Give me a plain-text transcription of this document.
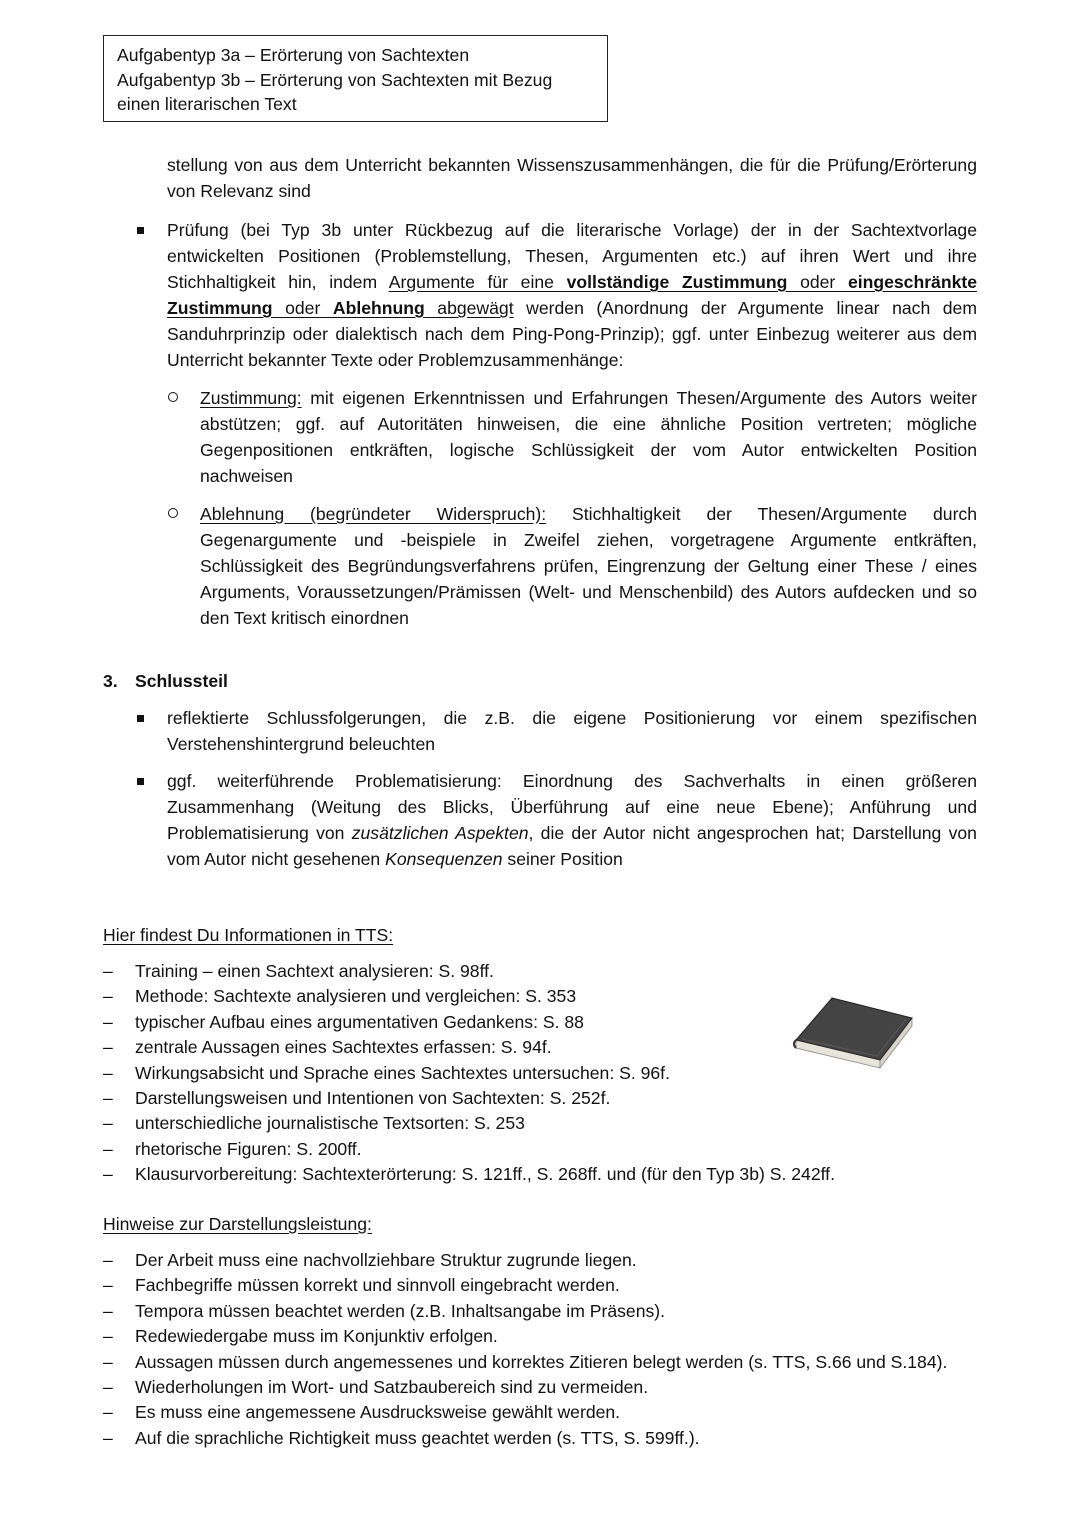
Aufgabentyp 3a – Erörterung von Sachtexten
Aufgabentyp 3b – Erörterung von Sachtexten mit Bezug
einen literarischen Text
stellung von aus dem Unterricht bekannten Wissenszusammenhängen, die für die Prüfung/Erörterung von Relevanz sind
Prüfung (bei Typ 3b unter Rückbezug auf die literarische Vorlage) der in der Sachtextvorlage entwickelten Positionen (Problemstellung, Thesen, Argumenten etc.) auf ihren Wert und ihre Stichhaltigkeit hin, indem Argumente für eine vollständige Zustimmung oder eingeschränkte Zustimmung oder Ablehnung abgewägt werden (Anordnung der Argumente linear nach dem Sanduhrprinzip oder dialektisch nach dem Ping-Pong-Prinzip); ggf. unter Einbezug weiterer aus dem Unterricht bekannter Texte oder Problemzusammenhänge:
Zustimmung: mit eigenen Erkenntnissen und Erfahrungen Thesen/Argumente des Autors weiter abstützen; ggf. auf Autoritäten hinweisen, die eine ähnliche Position vertreten; mögliche Gegenpositionen entkräften, logische Schlüssigkeit der vom Autor entwickelten Position nachweisen
Ablehnung (begründeter Widerspruch): Stichhaltigkeit der Thesen/Argumente durch Gegenargumente und -beispiele in Zweifel ziehen, vorgetragene Argumente entkräften, Schlüssigkeit des Begründungsverfahrens prüfen, Eingrenzung der Geltung einer These / eines Arguments, Voraussetzungen/Prämissen (Welt- und Menschenbild) des Autors aufdecken und so den Text kritisch einordnen
3. Schlussteil
reflektierte Schlussfolgerungen, die z.B. die eigene Positionierung vor einem spezifischen Verstehenshintergrund beleuchten
ggf. weiterführende Problematisierung: Einordnung des Sachverhalts in einen größeren Zusammenhang (Weitung des Blicks, Überführung auf eine neue Ebene); Anführung und Problematisierung von zusätzlichen Aspekten, die der Autor nicht angesprochen hat; Darstellung von vom Autor nicht gesehenen Konsequenzen seiner Position
Hier findest Du Informationen in TTS:
– Training – einen Sachtext analysieren: S. 98ff.
– Methode: Sachtexte analysieren und vergleichen: S. 353
– typischer Aufbau eines argumentativen Gedankens: S. 88
– zentrale Aussagen eines Sachtextes erfassen: S. 94f.
– Wirkungsabsicht und Sprache eines Sachtextes untersuchen: S. 96f.
– Darstellungsweisen und Intentionen von Sachtexten: S. 252f.
– unterschiedliche journalistische Textsorten: S. 253
– rhetorische Figuren: S. 200ff.
– Klausurvorbereitung: Sachtexterörterung: S. 121ff., S. 268ff. und (für den Typ 3b) S. 242ff.
Hinweise zur Darstellungsleistung:
– Der Arbeit muss eine nachvollziehbare Struktur zugrunde liegen.
– Fachbegriffe müssen korrekt und sinnvoll eingebracht werden.
– Tempora müssen beachtet werden (z.B. Inhaltsangabe im Präsens).
– Redewiedergabe muss im Konjunktiv erfolgen.
– Aussagen müssen durch angemessenes und korrektes Zitieren belegt werden (s. TTS, S.66 und S.184).
– Wiederholungen im Wort- und Satzbaubereich sind zu vermeiden.
– Es muss eine angemessene Ausdrucksweise gewählt werden.
– Auf die sprachliche Richtigkeit muss geachtet werden (s. TTS, S. 599ff.).
